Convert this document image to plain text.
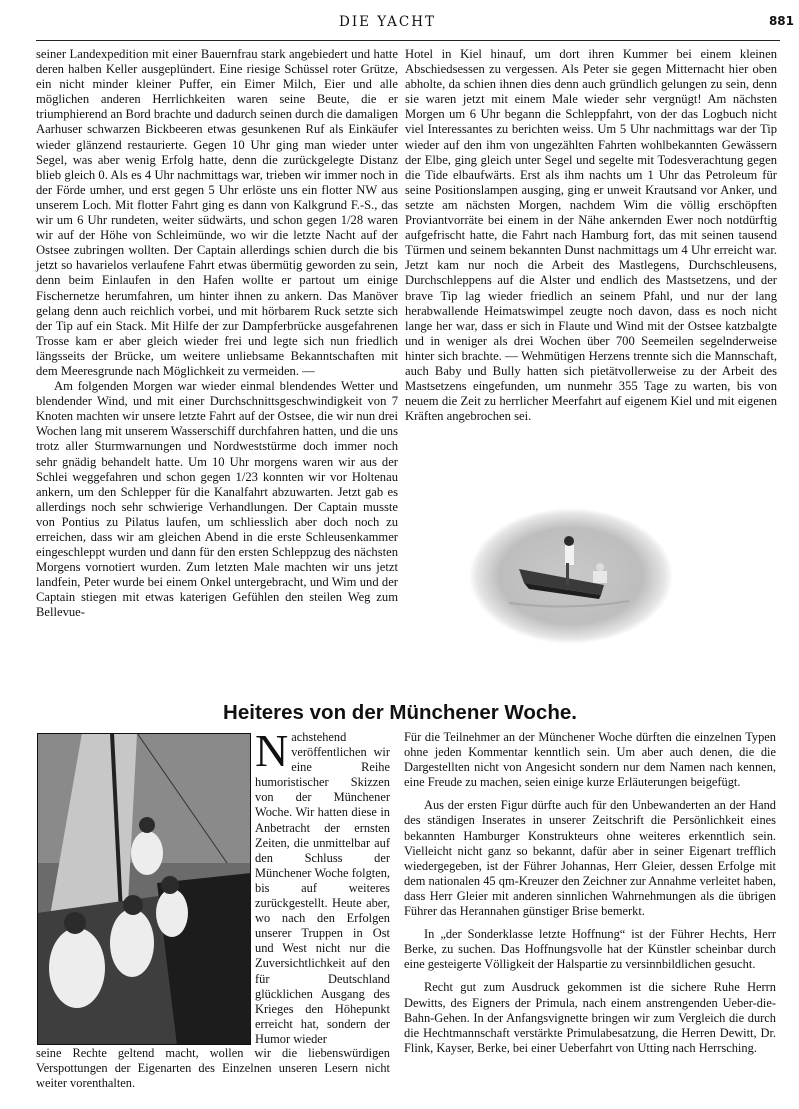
DIE YACHT	881

seiner Landexpedition mit einer Bauernfrau stark angebiedert und hatte deren halben Keller ausgeplündert. Eine riesige Schüssel roter Grütze, ein nicht minder kleiner Puffer, ein Eimer Milch, Eier und alle möglichen anderen Herrlichkeiten waren seine Beute, die er triumphierend an Bord brachte und dadurch seinen durch die damaligen Aarhuser schwarzen Bickbeeren etwas gesunkenen Ruf als Einkäufer wieder glänzend restaurierte. Gegen 10 Uhr ging man wieder unter Segel, was aber wenig Erfolg hatte, denn die zurückgelegte Distanz blieb gleich 0. Als es 4 Uhr nachmittags war, trieben wir immer noch in der Förde umher, und erst gegen 5 Uhr erlöste uns ein flotter NW aus unserem Loch. Mit flotter Fahrt ging es dann von Kalkgrund F.-S., das wir um 6 Uhr rundeten, weiter südwärts, und schon gegen 1/28 waren wir auf der Höhe von Schleimünde, wo wir die letzte Nacht auf der Ostsee zubringen wollten. Der Captain allerdings schien durch die bis jetzt so havarielos verlaufene Fahrt etwas übermütig geworden zu sein, denn beim Einlaufen in den Hafen wollte er partout um einige Fischernetze herumfahren, um hinter ihnen zu ankern. Das Manöver gelang denn auch reichlich vorbei, und mit hörbarem Ruck setzte sich der Tip auf ein Stack. Mit Hilfe der zur Dampferbrücke ausgefahrenen Trosse kam er aber gleich wieder frei und legte sich nun friedlich längsseits der Brücke, um weitere unliebsame Bekanntschaften mit dem Meeresgrunde nach Möglichkeit zu vermeiden. —

Am folgenden Morgen war wieder einmal blendendes Wetter und blendender Wind, und mit einer Durchschnittsgeschwindigkeit von 7 Knoten machten wir unsere letzte Fahrt auf der Ostsee, die wir nun drei Wochen lang mit unserem Wasserschiff durchfahren hatten, und die uns trotz aller Sturmwarnungen und Nordweststürme doch immer noch sehr gnädig behandelt hatte. Um 10 Uhr morgens waren wir aus der Schlei weggefahren und schon gegen 1/23 konnten wir vor Holtenau ankern, um den Schlepper für die Kanalfahrt abzuwarten. Jetzt gab es allerdings noch sehr schwierige Verhandlungen. Der Captain musste von Pontius zu Pilatus laufen, um schliesslich aber doch noch zu erreichen, dass wir am gleichen Abend in die erste Schleusenkammer eingeschleppt wurden und dann für den ersten Schleppzug des nächsten Morgens vornotiert wurden. Zum letzten Male machten wir uns jetzt landfein, Peter wurde bei einem Onkel untergebracht, und Wim und der Captain stiegen mit etwas katerigen Gefühlen den steilen Weg zum Bellevue-

Hotel in Kiel hinauf, um dort ihren Kummer bei einem kleinen Abschiedsessen zu vergessen. Als Peter sie gegen Mitternacht hier oben abholte, da schien ihnen dies denn auch gründlich gelungen zu sein, denn sie waren jetzt mit einem Male wieder sehr vergnügt! Am nächsten Morgen um 6 Uhr begann die Schleppfahrt, von der das Logbuch nicht viel Interessantes zu berichten weiss. Um 5 Uhr nachmittags war der Tip wieder auf den ihm von ungezählten Fahrten wohlbekannten Gewässern der Elbe, ging gleich unter Segel und segelte mit Todesverachtung gegen die Tide elbaufwärts. Erst als ihm nachts um 1 Uhr das Petroleum für seine Positionslampen ausging, ging er unweit Krautsand vor Anker, und setzte am nächsten Morgen, nachdem Wim die völlig erschöpften Proviantvorräte bei einem in der Nähe ankernden Ewer noch notdürftig aufgefrischt hatte, die Fahrt nach Hamburg fort, das mit seinen tausend Türmen und seinem bekannten Dunst nachmittags um 4 Uhr erreicht war. Jetzt kam nur noch die Arbeit des Mastlegens, Durchschleusens, Durchschleppens auf die Alster und endlich des Mastsetzens, und der brave Tip lag wieder friedlich an seinem Pfahl, und nur der lang herabwallende Heimatswimpel zeugte noch davon, dass es noch nicht lange her war, dass er sich in Flaute und Wind mit der Ostsee katzbalgte und in weniger als drei Wochen über 700 Seemeilen segelnderweise hinter sich brachte. — Wehmütigen Herzens trennte sich die Mannschaft, auch Baby und Bully hatten sich pietätvollerweise zu der Arbeit des Mastsetzens eingefunden, um nunmehr 355 Tage zu warten, bis von neuem die Zeit zu herrlicher Meerfahrt auf eigenem Kiel und mit eigenen Kräften angebrochen sei.

Heiteres von der Münchener Woche.
Nachstehend veröffentlichen wir eine Reihe humoristischer Skizzen von der Münchener Woche. Wir hatten diese in Anbetracht der ernsten Zeiten, die unmittelbar auf den Schluss der Münchener Woche folgten, bis auf weiteres zurückgestellt. Heute aber, wo nach den Erfolgen unserer Truppen in Ost und West nicht nur die Zuversichtlichkeit auf den für Deutschland glücklichen Ausgang des Krieges den Höhepunkt erreicht hat, sondern der Humor wieder
seine Rechte geltend macht, wollen wir die liebenswürdigen Verspottungen der Eigenarten des Einzelnen unseren Lesern nicht weiter vorenthalten.

Für die Teilnehmer an der Münchener Woche dürften die einzelnen Typen ohne jeden Kommentar kenntlich sein. Um aber auch denen, die die Dargestellten nicht von Angesicht sondern nur dem Namen nach kennen, eine Freude zu machen, seien einige kurze Erläuterungen beigefügt.

Aus der ersten Figur dürfte auch für den Unbewanderten an der Hand des ständigen Inserates in unserer Zeitschrift die Persönlichkeit eines bekannten Hamburger Konstrukteurs ohne weiteres erkenntlich sein. Vielleicht nicht ganz so bekannt, dafür aber in seiner Eigenart trefflich wiedergegeben, ist der Führer Johannas, Herr Gleier, dessen Erfolge mit dem nationalen 45 qm-Kreuzer den Zeichner zur Annahme verleitet haben, dass Herr Gleier mit anderen sinnlichen Wahrnehmungen als die übrigen Führer das Herannahen günstiger Brise bemerkt.

In „der Sonderklasse letzte Hoffnung“ ist der Führer Hechts, Herr Berke, zu suchen. Das Hoffnungsvolle hat der Künstler scheinbar durch eine gesteigerte Völligkeit der Halspartie zu versinnbildlichen gesucht.

Recht gut zum Ausdruck gekommen ist die sichere Ruhe Herrn Dewitts, des Eigners der Primula, nach einem anstrengenden Ueber-die-Bahn-Gehen. In der Anfangsvignette bringen wir zum Vergleich die durch die Hechtmannschaft verstärkte Primulabesatzung, die Herren Dewitt, Dr. Flink, Kayser, Berke, bei einer Ueberfahrt von Utting nach Herrsching.
